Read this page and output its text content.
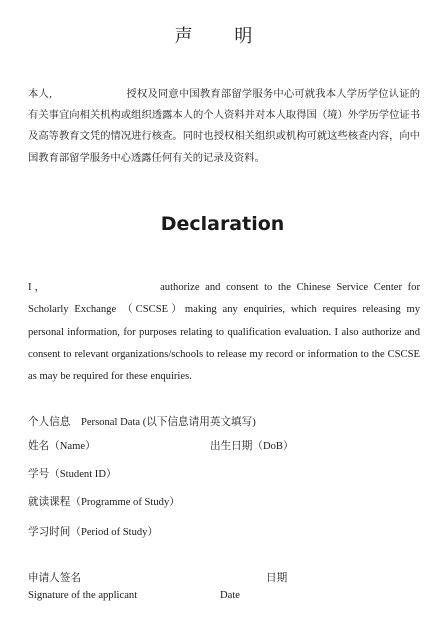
声 明
本人,	授权及同意中国教育部留学服务中心可就我本人学历学位认证的有关事宜向相关机构或组织透露本人的个人资料并对本人取得国（境）外学历学位证书及高等教育文凭的情况进行核查。同时也授权相关组织或机构可就这些核查内容，向中国教育部留学服务中心透露任何有关的记录及资料。
Declaration
I，	authorize and consent to the Chinese Service Center for Scholarly Exchange （CSCSE）making any enquiries, which requires releasing my personal information, for purposes relating to qualification evaluation. I also authorize and consent to relevant organizations/schools to release my record or information to the CSCSE as may be required for these enquiries.
个人信息　Personal Data (以下信息请用英文填写)
姓名（Name）	出生日期（DoB）
学号（Student ID）
就读课程（Programme of Study）
学习时间（Period of Study）
申请人签名	日期
Signature of the applicant	Date
